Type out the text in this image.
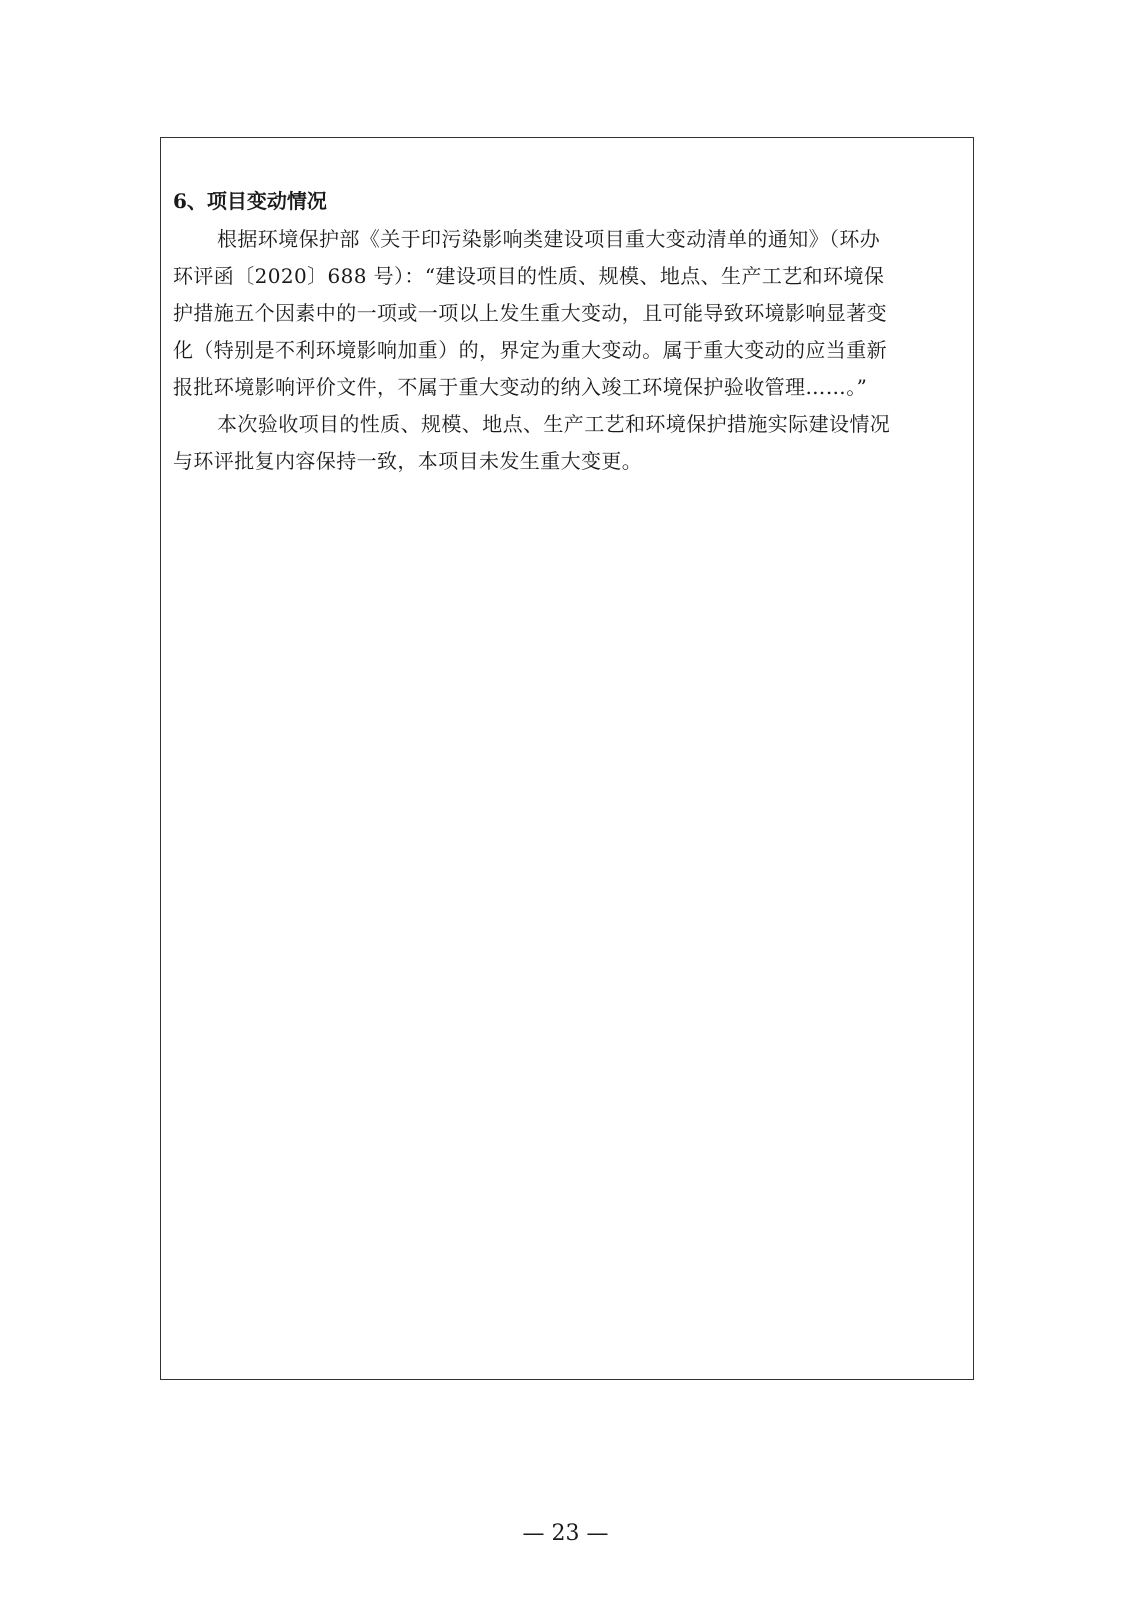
6、项目变动情况
根据环境保护部《关于印污染影响类建设项目重大变动清单的通知》（环办
环评函〔2020〕688 号）：“建设项目的性质、规模、地点、生产工艺和环境保
护措施五个因素中的一项或一项以上发生重大变动，且可能导致环境影响显著变
化（特别是不利环境影响加重）的，界定为重大变动。属于重大变动的应当重新
报批环境影响评价文件，不属于重大变动的纳入竣工环境保护验收管理……。”
本次验收项目的性质、规模、地点、生产工艺和环境保护措施实际建设情况
与环评批复内容保持一致，本项目未发生重大变更。
— 23 —
